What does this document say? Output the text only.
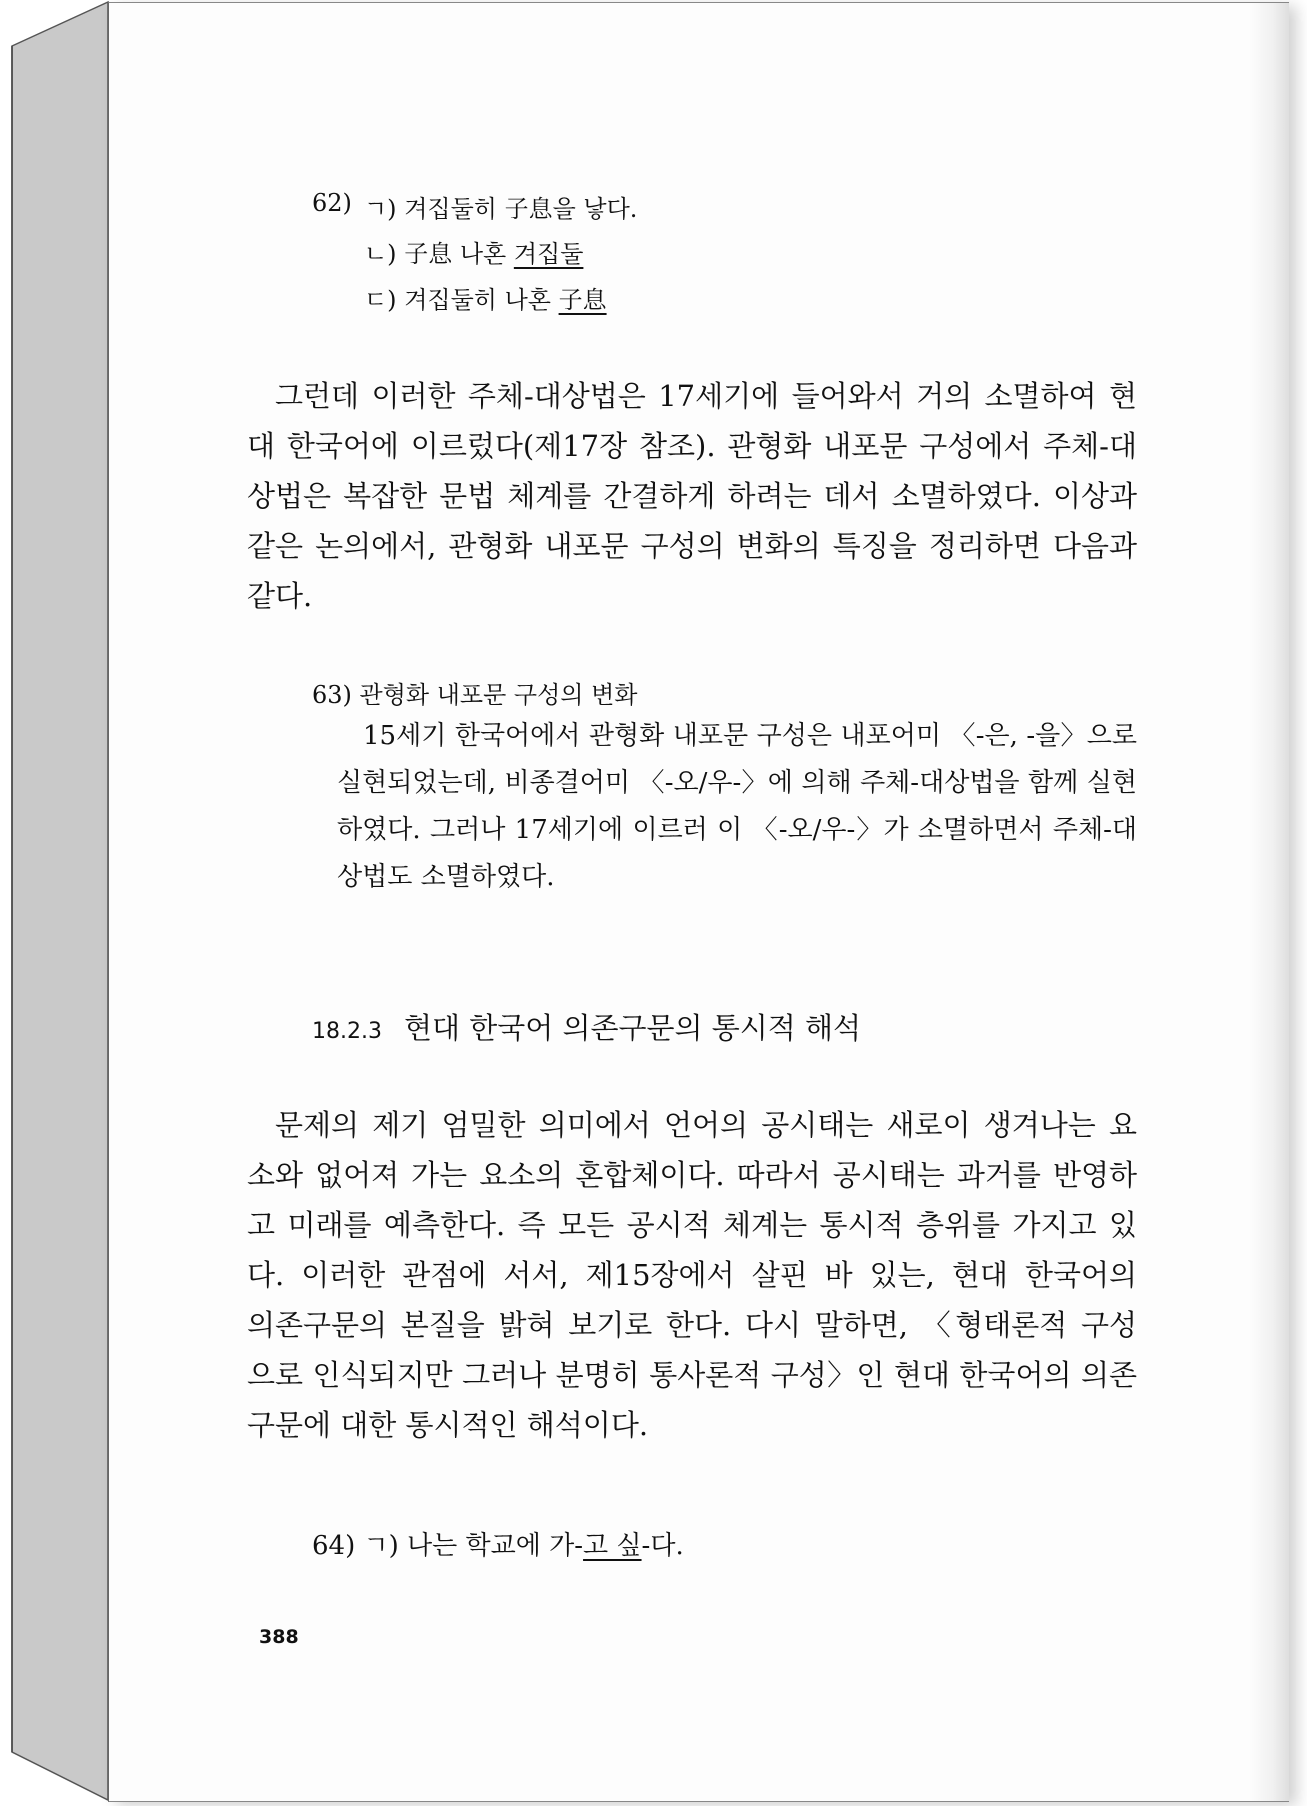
62) ㄱ) 겨집둘히 子息을 낳다.
ㄴ) 子息 나혼 겨집둘
ㄷ) 겨집둘히 나혼 子息
그런데 이러한 주체-대상법은 17세기에 들어와서 거의 소멸하여 현
대 한국어에 이르렀다(제17장 참조). 관형화 내포문 구성에서 주체-대
상법은 복잡한 문법 체계를 간결하게 하려는 데서 소멸하였다. 이상과
같은 논의에서, 관형화 내포문 구성의 변화의 특징을 정리하면 다음과
같다.
63) 관형화 내포문 구성의 변화
15세기 한국어에서 관형화 내포문 구성은 내포어미 〈-은, -을〉으로
실현되었는데, 비종결어미 〈-오/우-〉에 의해 주체-대상법을 함께 실현
하였다. 그러나 17세기에 이르러 이 〈-오/우-〉가 소멸하면서 주체-대
상법도 소멸하였다.
18.2.3 현대 한국어 의존구문의 통시적 해석
문제의 제기 엄밀한 의미에서 언어의 공시태는 새로이 생겨나는 요
소와 없어져 가는 요소의 혼합체이다. 따라서 공시태는 과거를 반영하
고 미래를 예측한다. 즉 모든 공시적 체계는 통시적 층위를 가지고 있
다. 이러한 관점에 서서, 제15장에서 살핀 바 있는, 현대 한국어의
의존구문의 본질을 밝혀 보기로 한다. 다시 말하면, 〈형태론적 구성
으로 인식되지만 그러나 분명히 통사론적 구성〉인 현대 한국어의 의존
구문에 대한 통시적인 해석이다.
64) ㄱ) 나는 학교에 가-고 싶-다.
388
